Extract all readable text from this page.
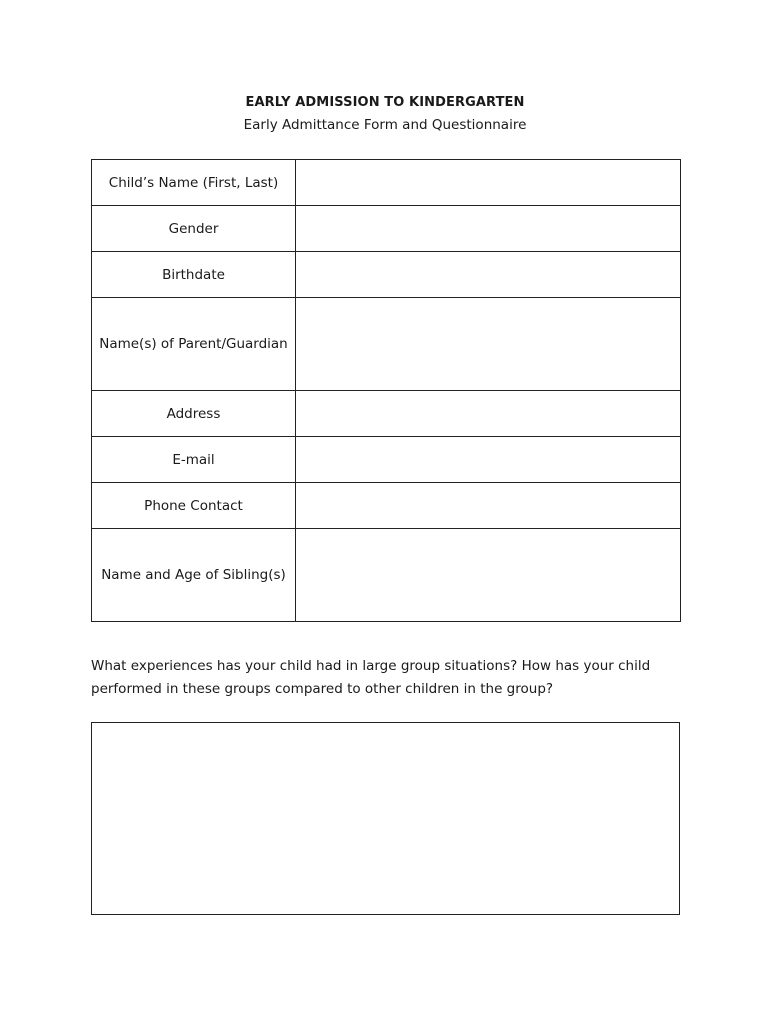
EARLY ADMISSION TO KINDERGARTEN
Early Admittance Form and Questionnaire
Child’s Name (First, Last)	
Gender	
Birthdate	
Name(s) of Parent/Guardian	
Address	
E-mail	
Phone Contact	
Name and Age of Sibling(s)	
What experiences has your child had in large group situations? How has your child performed in these groups compared to other children in the group?
